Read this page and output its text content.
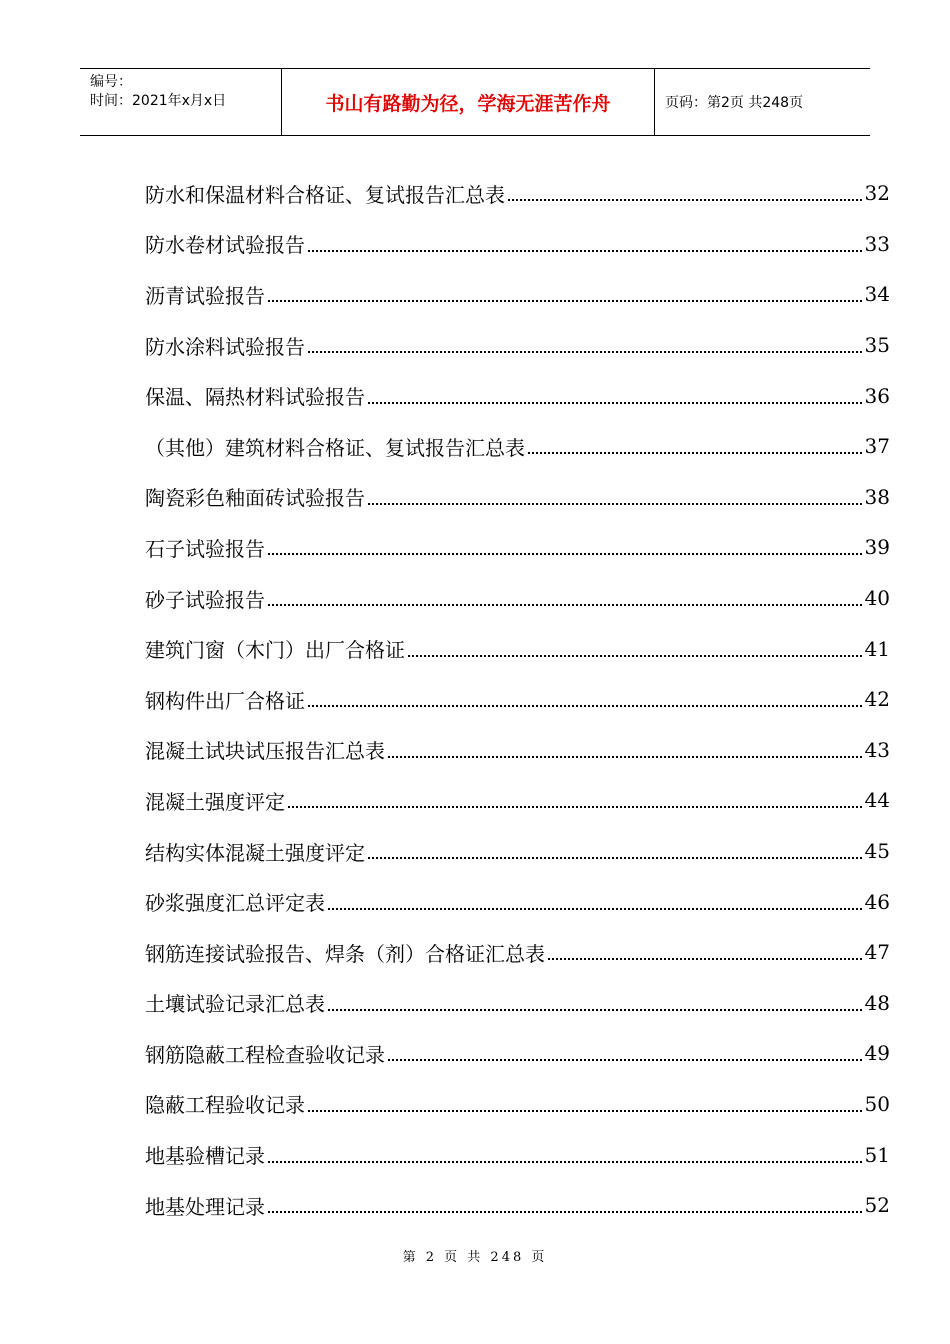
编号：
时间：2021年x月x日	书山有路勤为径，学海无涯苦作舟	页码：第2页 共248页
防水和保温材料合格证、复试报告汇总表	32
防水卷材试验报告	33
沥青试验报告	34
防水涂料试验报告	35
保温、隔热材料试验报告	36
（其他）建筑材料合格证、复试报告汇总表	37
陶瓷彩色釉面砖试验报告	38
石子试验报告	39
砂子试验报告	40
建筑门窗（木门）出厂合格证	41
钢构件出厂合格证	42
混凝土试块试压报告汇总表	43
混凝土强度评定	44
结构实体混凝土强度评定	45
砂浆强度汇总评定表	46
钢筋连接试验报告、焊条（剂）合格证汇总表	47
土壤试验记录汇总表	48
钢筋隐蔽工程检查验收记录	49
隐蔽工程验收记录	50
地基验槽记录	51
地基处理记录	52
第 2 页 共 248 页
